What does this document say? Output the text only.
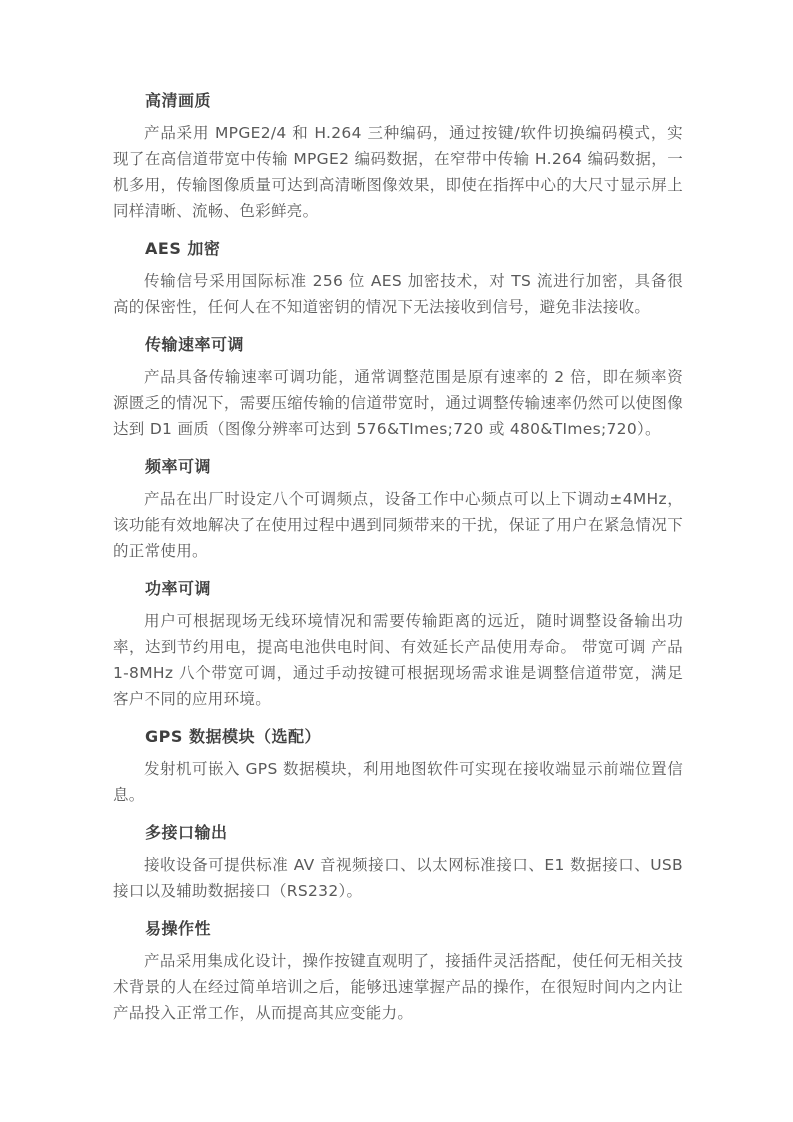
高清画质

产品采用 MPGE2/4 和 H.264 三种编码，通过按键/软件切换编码模式，实现了在高信道带宽中传输 MPGE2 编码数据，在窄带中传输 H.264 编码数据，一机多用，传输图像质量可达到高清晰图像效果，即使在指挥中心的大尺寸显示屏上同样清晰、流畅、色彩鲜亮。

AES 加密

传输信号采用国际标准 256 位 AES 加密技术，对 TS 流进行加密，具备很高的保密性，任何人在不知道密钥的情况下无法接收到信号，避免非法接收。

传输速率可调

产品具备传输速率可调功能，通常调整范围是原有速率的 2 倍，即在频率资源匮乏的情况下，需要压缩传输的信道带宽时，通过调整传输速率仍然可以使图像达到 D1 画质（图像分辨率可达到 576&TImes;720 或 480&TImes;720）。

频率可调

产品在出厂时设定八个可调频点，设备工作中心频点可以上下调动±4MHz，该功能有效地解决了在使用过程中遇到同频带来的干扰，保证了用户在紧急情况下的正常使用。

功率可调

用户可根据现场无线环境情况和需要传输距离的远近，随时调整设备输出功率，达到节约用电，提高电池供电时间、有效延长产品使用寿命。 带宽可调 产品 1-8MHz 八个带宽可调，通过手动按键可根据现场需求谁是调整信道带宽，满足客户不同的应用环境。

GPS 数据模块（选配）

发射机可嵌入 GPS 数据模块，利用地图软件可实现在接收端显示前端位置信息。

多接口输出

接收设备可提供标准 AV 音视频接口、以太网标准接口、E1 数据接口、USB 接口以及辅助数据接口（RS232）。

易操作性

产品采用集成化设计，操作按键直观明了，接插件灵活搭配，使任何无相关技术背景的人在经过简单培训之后，能够迅速掌握产品的操作，在很短时间内之内让产品投入正常工作，从而提高其应变能力。
